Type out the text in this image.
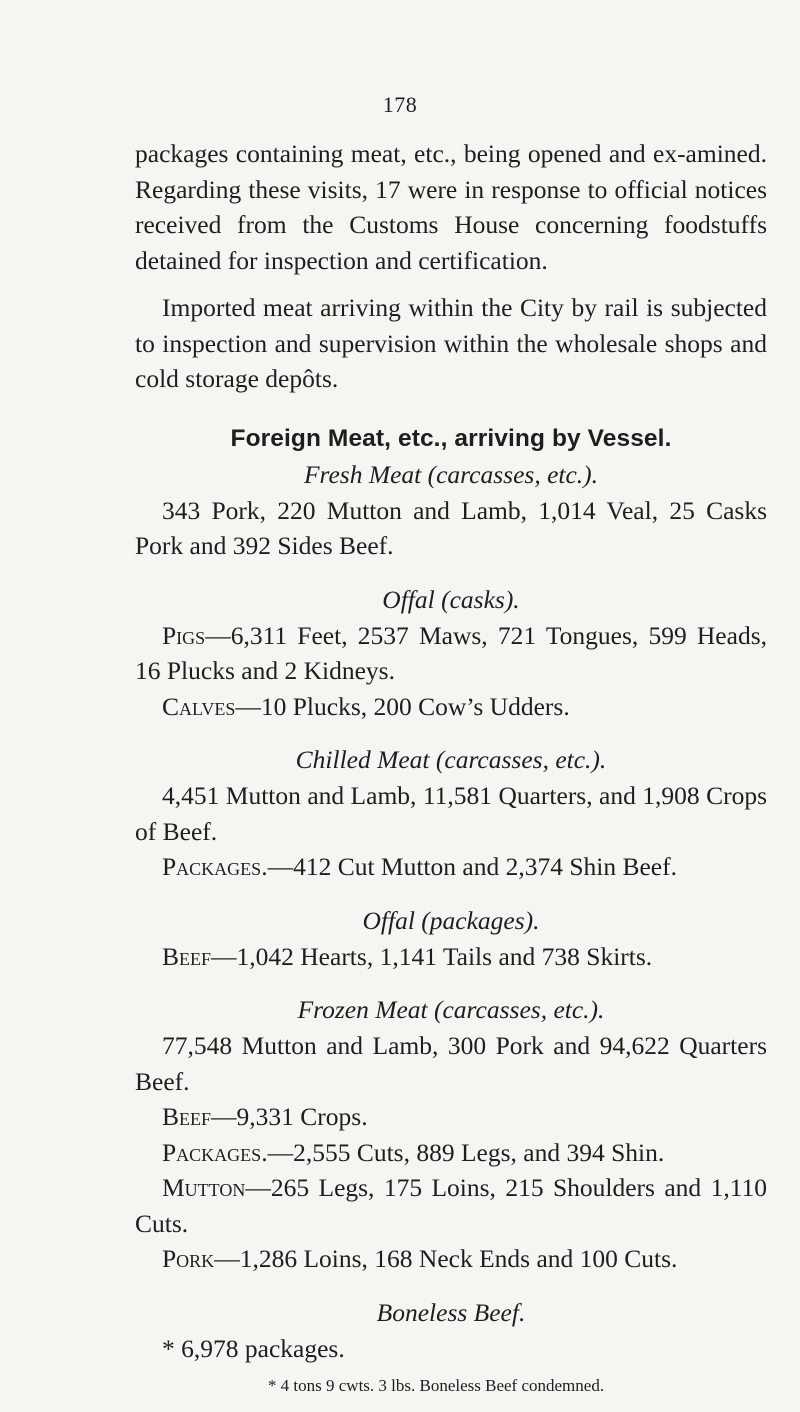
178

packages containing meat, etc., being opened and ex-amined. Regarding these visits, 17 were in response to official notices received from the Customs House concerning foodstuffs detained for inspection and certification.

Imported meat arriving within the City by rail is subjected to inspection and supervision within the wholesale shops and cold storage depôts.

Foreign Meat, etc., arriving by Vessel.
Fresh Meat (carcasses, etc.).

343 Pork, 220 Mutton and Lamb, 1,014 Veal, 25 Casks Pork and 392 Sides Beef.

Offal (casks).

Pigs—6,311 Feet, 2537 Maws, 721 Tongues, 599 Heads, 16 Plucks and 2 Kidneys.

Calves—10 Plucks, 200 Cow’s Udders.

Chilled Meat (carcasses, etc.).

4,451 Mutton and Lamb, 11,581 Quarters, and 1,908 Crops of Beef.

Packages.—412 Cut Mutton and 2,374 Shin Beef.

Offal (packages).

Beef—1,042 Hearts, 1,141 Tails and 738 Skirts.

Frozen Meat (carcasses, etc.).

77,548 Mutton and Lamb, 300 Pork and 94,622 Quarters Beef.

Beef—9,331 Crops.

Packages.—2,555 Cuts, 889 Legs, and 394 Shin.

Mutton—265 Legs, 175 Loins, 215 Shoulders and 1,110 Cuts.

Pork—1,286 Loins, 168 Neck Ends and 100 Cuts.

Boneless Beef.

* 6,978 packages.

* 4 tons 9 cwts. 3 lbs. Boneless Beef condemned.
